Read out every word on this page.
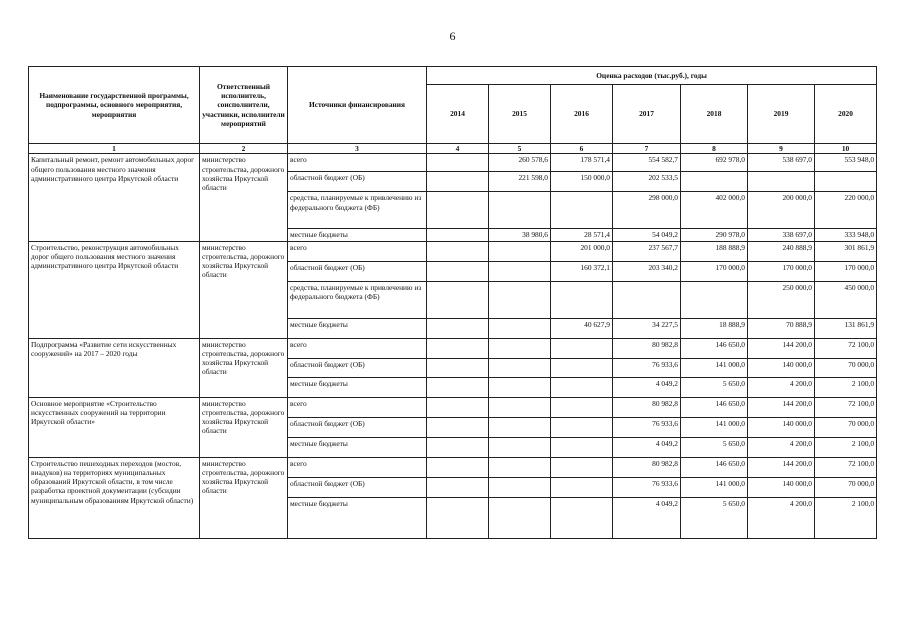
6
Наименование государственной программы, подпрограммы, основного мероприятия, мероприятия	Ответственный исполнитель, соисполнители, участники, исполнители мероприятий	Источники финансирования	Оценка расходов (тыс.руб.), годы						
			2014	2015	2016	2017	2018	2019	2020
1	2	3	4	5	6	7	8	9	10
Капитальный ремонт, ремонт автомобильных дорог общего пользования местного значения административного центра Иркутской области	министерство строительства, дорожного хозяйства Иркутской области	всего		260 578,6	178 571,4	554 582,7	692 978,0	538 697,0	553 948,0
		областной бюджет (ОБ)		221 598,0	150 000,0	202 533,5			
		средства, планируемые к привлечению из федерального бюджета (ФБ)				298 000,0	402 000,0	200 000,0	220 000,0
		местные бюджеты		38 980,6	28 571,4	54 049,2	290 978,0	338 697,0	333 948,0
Строительство, реконструкция автомобильных дорог общего пользования местного значения административного центра Иркутской области	министерство строительства, дорожного хозяйства Иркутской области	всего			201 000,0	237 567,7	188 888,9	240 888,9	301 861,9
		областной бюджет (ОБ)			160 372,1	203 340,2	170 000,0	170 000,0	170 000,0
		средства, планируемые к привлечению из федерального бюджета (ФБ)						250 000,0	450 000,0
		местные бюджеты			40 627,9	34 227,5	18 888,9	70 888,9	131 861,9
Подпрограмма «Развитие сети искусственных сооружений» на 2017 – 2020 годы	министерство строительства, дорожного хозяйства Иркутской области	всего				80 982,8	146 650,0	144 200,0	72 100,0
		областной бюджет (ОБ)				76 933,6	141 000,0	140 000,0	70 000,0
		местные бюджеты				4 049,2	5 650,0	4 200,0	2 100,0
Основное мероприятие «Строительство искусственных сооружений на территории Иркутской области»	министерство строительства, дорожного хозяйства Иркутской области	всего				80 982,8	146 650,0	144 200,0	72 100,0
		областной бюджет (ОБ)				76 933,6	141 000,0	140 000,0	70 000,0
		местные бюджеты				4 049,2	5 650,0	4 200,0	2 100,0
Строительство пешеходных переходов (мостов, виадуков) на территориях муниципальных образований Иркутской области, в том числе разработка проектной документации (субсидии муниципальным образованиям Иркутской области)	министерство строительства, дорожного хозяйства Иркутской области	всего				80 982,8	146 650,0	144 200,0	72 100,0
		областной бюджет (ОБ)				76 933,6	141 000,0	140 000,0	70 000,0
		местные бюджеты				4 049,2	5 650,0	4 200,0	2 100,0
